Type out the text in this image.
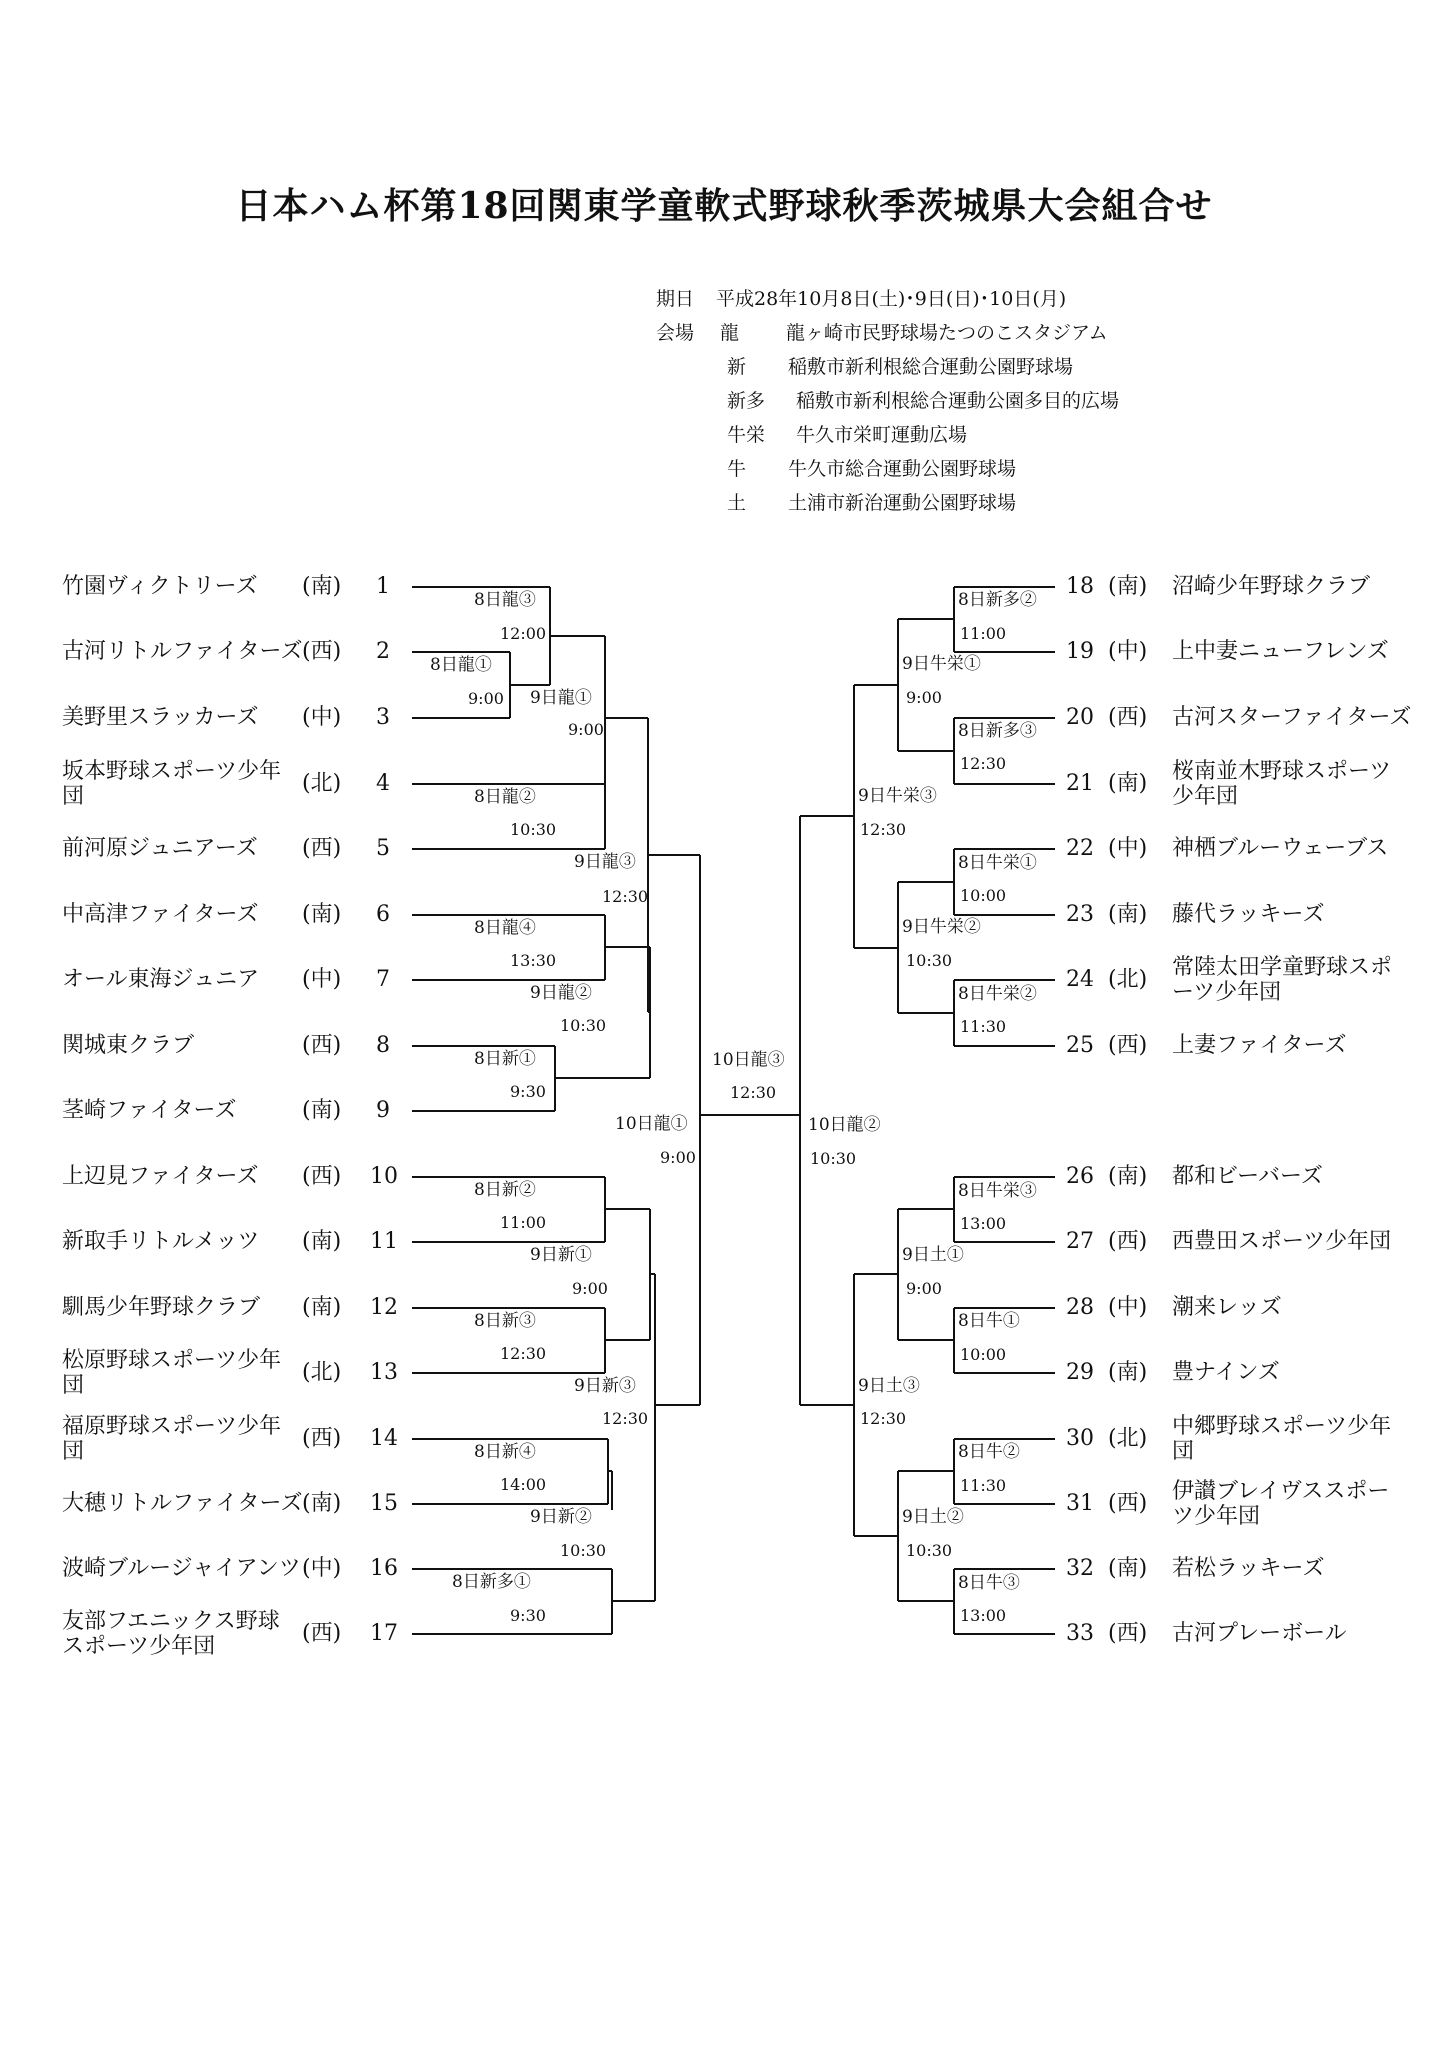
日本ハム杯第18回関東学童軟式野球秋季茨城県大会組合せ
期日 平成28年10月8日(土)･9日(日)･10日(月)
会場 龍 龍ヶ崎市民野球場たつのこスタジアム
新 稲敷市新利根総合運動公園野球場
新多 稲敷市新利根総合運動公園多目的広場
牛栄 牛久市栄町運動広場
牛 牛久市総合運動公園野球場
土 土浦市新治運動公園野球場
竹園ヴィクトリーズ (南) 1
古河リトルファイターズ (西) 2
美野里スラッカーズ (中) 3
坂本野球スポーツ少年団
(北) 4
前河原ジュニアーズ (西) 5
中高津ファイターズ (南) 6
オール東海ジュニア (中) 7
関城東クラブ	(西) 8
茎崎ファイターズ	(南) 9
上辺見ファイターズ (西) 10
新取手リトルメッツ (南) 11
馴馬少年野球クラブ (南) 12
松原野球スポーツ少年団
(北) 13
福原野球スポーツ少年団
(西) 14
大穂リトルファイターズ (南) 15
波崎ブルージャイアンツ (中) 16
友部フエニックス野球スポーツ少年団
(西) 17
18 (南) 沼崎少年野球クラブ
19 (中) 上中妻ニューフレンズ
20 (西) 古河スターファイターズ
21 (南) 桜南並木野球スポーツ少年団
22 (中) 神栖ブルーウェーブス
23 (南) 藤代ラッキーズ
24 (北) 常陸太田学童野球スポーツ少年団
25 (西) 上妻ファイターズ
26 (南) 都和ビーバーズ
27 (西) 西豊田スポーツ少年団
28 (中) 潮来レッズ
29 (南) 豊ナインズ
30 (北) 中郷野球スポーツ少年団
31 (西) 伊讃ブレイヴススポーツ少年団
32 (南) 若松ラッキーズ
33 (西) 古河プレーボール
8日龍③
12:00
8日龍①
9:00 9日龍①
9:00
8日龍②
10:30
8日龍④
13:30
8日新①
9:30
9日龍②
10:30
9日龍③
12:30
8日新②
11:00
8日新③
12:30
9日新①
9:00
8日新④
14:00
8日新多①
9:30
9日新②
10:30
9日新③
12:30
10日龍①
9:00
10日龍③
12:30
8日新多②
11:00
8日新多③
12:30
9日牛栄①
9:00
8日牛栄①
10:00
8日牛栄②
11:30
9日牛栄②
10:30
9日牛栄③
12:30
8日牛栄③
13:00
8日牛①
10:00
9日土①
9:00
8日牛②
11:30
8日牛③
13:00
9日土②
10:30
9日土③
12:30
10日龍②
10:30
